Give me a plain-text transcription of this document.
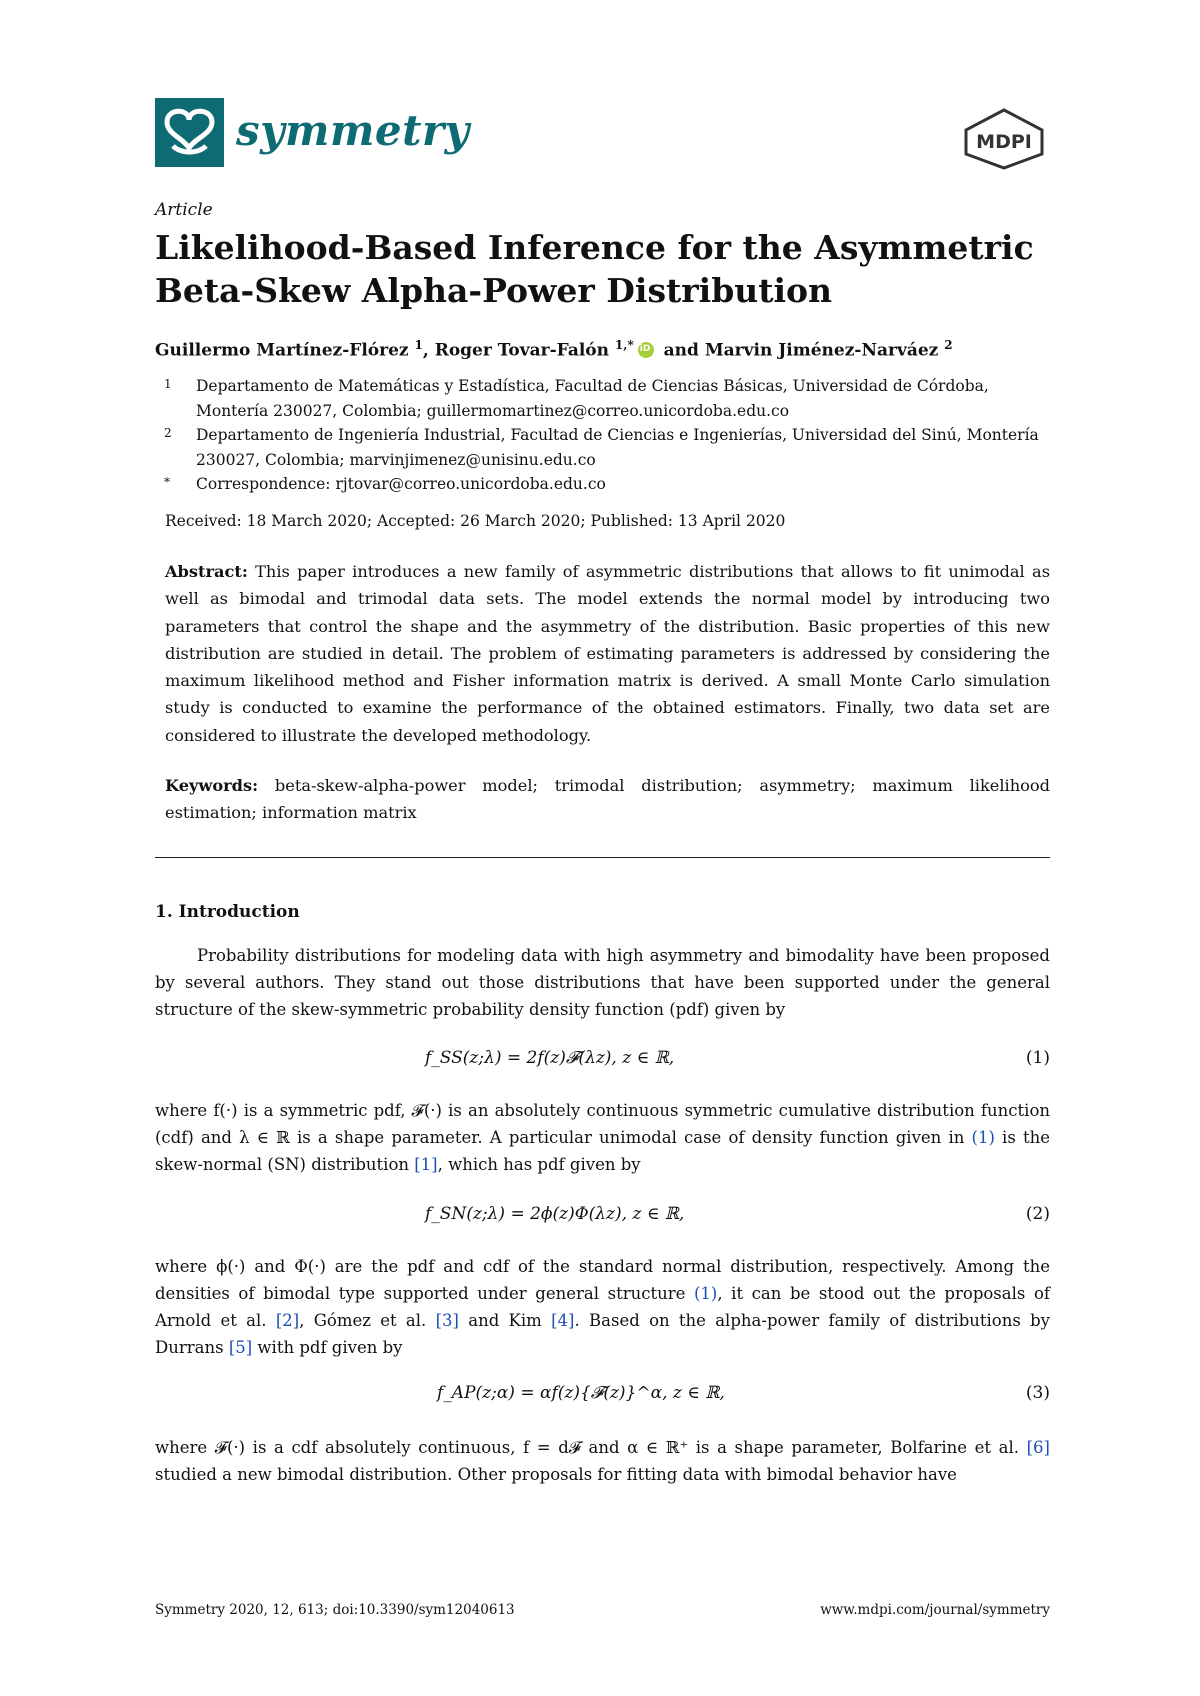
symmetry	MDPI
Article
Likelihood-Based Inference for the Asymmetric
Beta-Skew Alpha-Power Distribution
Guillermo Martínez-Flórez $^1$, Roger Tovar-Falón $^{1,*}$iD and Marvin Jiménez-Narváez $^2$
1 Departamento de Matemáticas y Estadística, Facultad de Ciencias Básicas, Universidad de Córdoba, Montería 230027, Colombia; guillermomartinez@correo.unicordoba.edu.co
2 Departamento de Ingeniería Industrial, Facultad de Ciencias e Ingenierías, Universidad del Sinú, Montería 230027, Colombia; marvinjimenez@unisinu.edu.co
* Correspondence: rjtovar@correo.unicordoba.edu.co
Received: 18 March 2020; Accepted: 26 March 2020; Published: 13 April 2020

Abstract: This paper introduces a new family of asymmetric distributions that allows to fit unimodal as well as bimodal and trimodal data sets. The model extends the normal model by introducing two parameters that control the shape and the asymmetry of the distribution. Basic properties of this new distribution are studied in detail. The problem of estimating parameters is addressed by considering the maximum likelihood method and Fisher information matrix is derived. A small Monte Carlo simulation study is conducted to examine the performance of the obtained estimators. Finally, two data set are considered to illustrate the developed methodology.

Keywords: beta-skew-alpha-power model; trimodal distribution; asymmetry; maximum likelihood estimation; information matrix

1. Introduction

Probability distributions for modeling data with high asymmetry and bimodality have been proposed by several authors. They stand out those distributions that have been supported under the general structure of the skew-symmetric probability density function (pdf) given by

f_SS(z;λ) = 2f(z)𝓕(λz), z ∈ ℝ,	(1)

where f(·) is a symmetric pdf, 𝓕(·) is an absolutely continuous symmetric cumulative distribution function (cdf) and λ ∈ ℝ is a shape parameter. A particular unimodal case of density function given in (1) is the skew-normal (SN) distribution [1], which has pdf given by

f_SN(z;λ) = 2ϕ(z)Φ(λz), z ∈ ℝ,	(2)

where ϕ(·) and Φ(·) are the pdf and cdf of the standard normal distribution, respectively. Among the densities of bimodal type supported under general structure (1), it can be stood out the proposals of Arnold et al. [2], Gómez et al. [3] and Kim [4]. Based on the alpha-power family of distributions by Durrans [5] with pdf given by

f_AP(z;α) = αf(z){𝓕(z)}^α, z ∈ ℝ,	(3)

where 𝓕(·) is a cdf absolutely continuous, f = d𝓕 and α ∈ ℝ⁺ is a shape parameter, Bolfarine et al. [6] studied a new bimodal distribution. Other proposals for fitting data with bimodal behavior have

Symmetry 2020, 12, 613; doi:10.3390/sym12040613	www.mdpi.com/journal/symmetry
